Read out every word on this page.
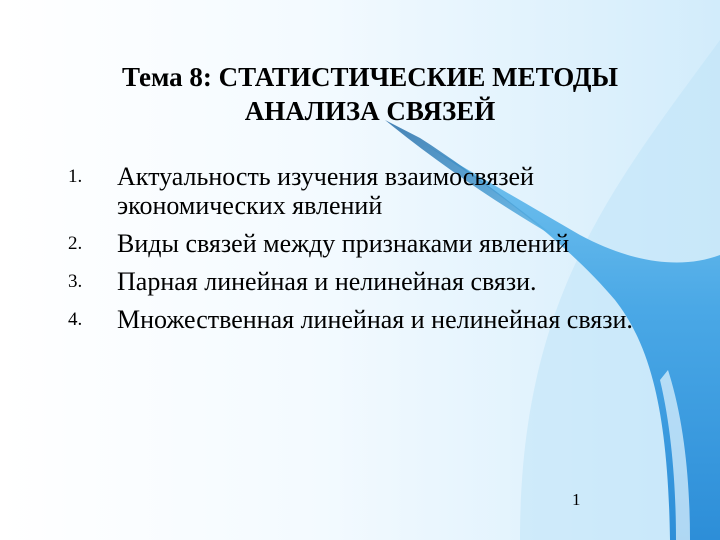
Тема 8: СТАТИСТИЧЕСКИЕ МЕТОДЫ
АНАЛИЗА СВЯЗЕЙ
1. Актуальность изучения взаимосвязей экономических явлений
2. Виды связей между признаками явлений
3. Парная линейная и нелинейная связи.
4. Множественная линейная и нелинейная связи.
1
